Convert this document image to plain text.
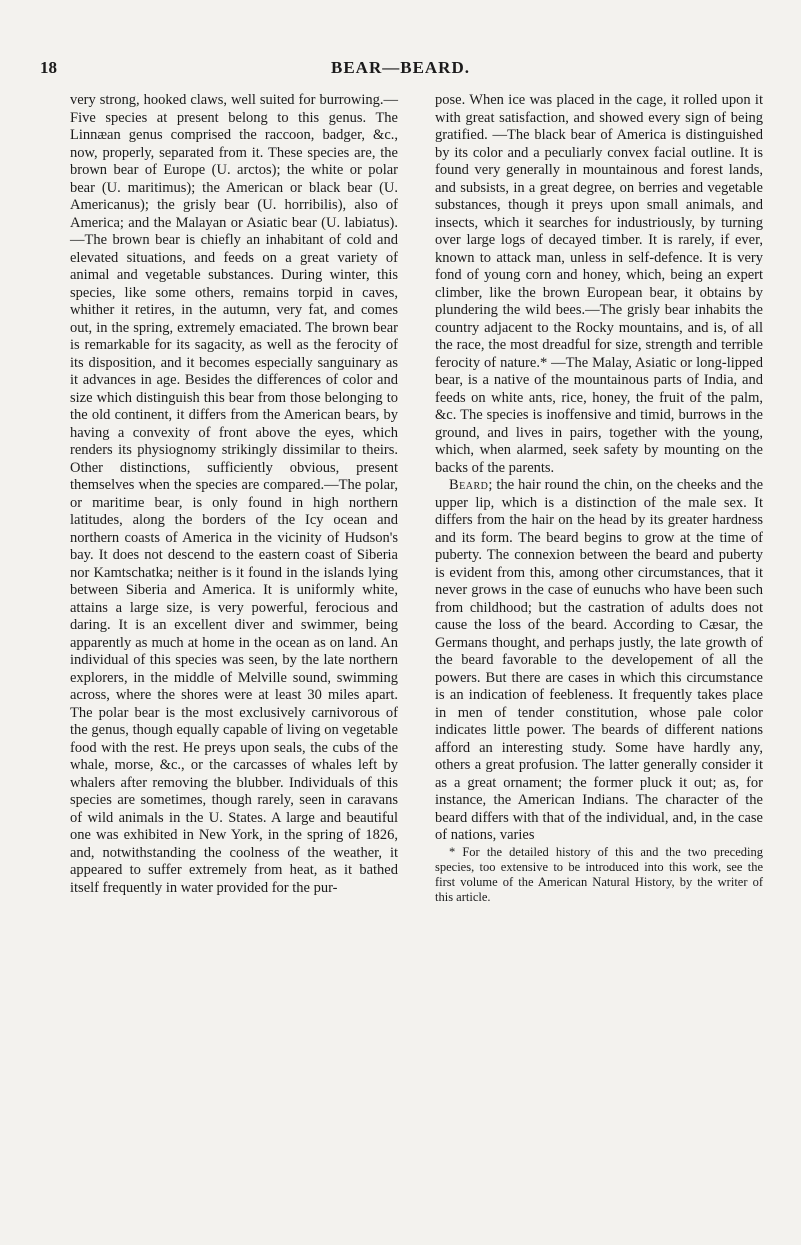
18	BEAR—BEARD.

very strong, hooked claws, well suited for burrowing.—Five species at present belong to this genus. The Linnæan genus comprised the raccoon, badger, &c., now, properly, separated from it. These species are, the brown bear of Europe (U. arctos); the white or polar bear (U. maritimus); the American or black bear (U. Americanus); the grisly bear (U. horribilis), also of America; and the Malayan or Asiatic bear (U. labiatus).—The brown bear is chiefly an inhabitant of cold and elevated situations, and feeds on a great variety of animal and vegetable substances. During winter, this species, like some others, remains torpid in caves, whither it retires, in the autumn, very fat, and comes out, in the spring, extremely emaciated. The brown bear is remarkable for its sagacity, as well as the ferocity of its disposition, and it becomes especially sanguinary as it advances in age. Besides the differences of color and size which distinguish this bear from those belonging to the old continent, it differs from the American bears, by having a convexity of front above the eyes, which renders its physiognomy strikingly dissimilar to theirs. Other distinctions, sufficiently obvious, present themselves when the species are compared.—The polar, or maritime bear, is only found in high northern latitudes, along the borders of the Icy ocean and northern coasts of America in the vicinity of Hudson's bay. It does not descend to the eastern coast of Siberia nor Kamtschatka; neither is it found in the islands lying between Siberia and America. It is uniformly white, attains a large size, is very powerful, ferocious and daring. It is an excellent diver and swimmer, being apparently as much at home in the ocean as on land. An individual of this species was seen, by the late northern explorers, in the middle of Melville sound, swimming across, where the shores were at least 30 miles apart. The polar bear is the most exclusively carnivorous of the genus, though equally capable of living on vegetable food with the rest. He preys upon seals, the cubs of the whale, morse, &c., or the carcasses of whales left by whalers after removing the blubber. Individuals of this species are sometimes, though rarely, seen in caravans of wild animals in the U. States. A large and beautiful one was exhibited in New York, in the spring of 1826, and, notwithstanding the coolness of the weather, it appeared to suffer extremely from heat, as it bathed itself frequently in water provided for the pur-

pose. When ice was placed in the cage, it rolled upon it with great satisfaction, and showed every sign of being gratified. —The black bear of America is distinguished by its color and a peculiarly convex facial outline. It is found very generally in mountainous and forest lands, and subsists, in a great degree, on berries and vegetable substances, though it preys upon small animals, and insects, which it searches for industriously, by turning over large logs of decayed timber. It is rarely, if ever, known to attack man, unless in self-defence. It is very fond of young corn and honey, which, being an expert climber, like the brown European bear, it obtains by plundering the wild bees.—The grisly bear inhabits the country adjacent to the Rocky mountains, and is, of all the race, the most dreadful for size, strength and terrible ferocity of nature.* —The Malay, Asiatic or long-lipped bear, is a native of the mountainous parts of India, and feeds on white ants, rice, honey, the fruit of the palm, &c. The species is inoffensive and timid, burrows in the ground, and lives in pairs, together with the young, which, when alarmed, seek safety by mounting on the backs of the parents.

Beard; the hair round the chin, on the cheeks and the upper lip, which is a distinction of the male sex. It differs from the hair on the head by its greater hardness and its form. The beard begins to grow at the time of puberty. The connexion between the beard and puberty is evident from this, among other circumstances, that it never grows in the case of eunuchs who have been such from childhood; but the castration of adults does not cause the loss of the beard. According to Cæsar, the Germans thought, and perhaps justly, the late growth of the beard favorable to the developement of all the powers. But there are cases in which this circumstance is an indication of feebleness. It frequently takes place in men of tender constitution, whose pale color indicates little power. The beards of different nations afford an interesting study. Some have hardly any, others a great profusion. The latter generally consider it as a great ornament; the former pluck it out; as, for instance, the American Indians. The character of the beard differs with that of the individual, and, in the case of nations, varies

* For the detailed history of this and the two preceding species, too extensive to be introduced into this work, see the first volume of the American Natural History, by the writer of this article.
